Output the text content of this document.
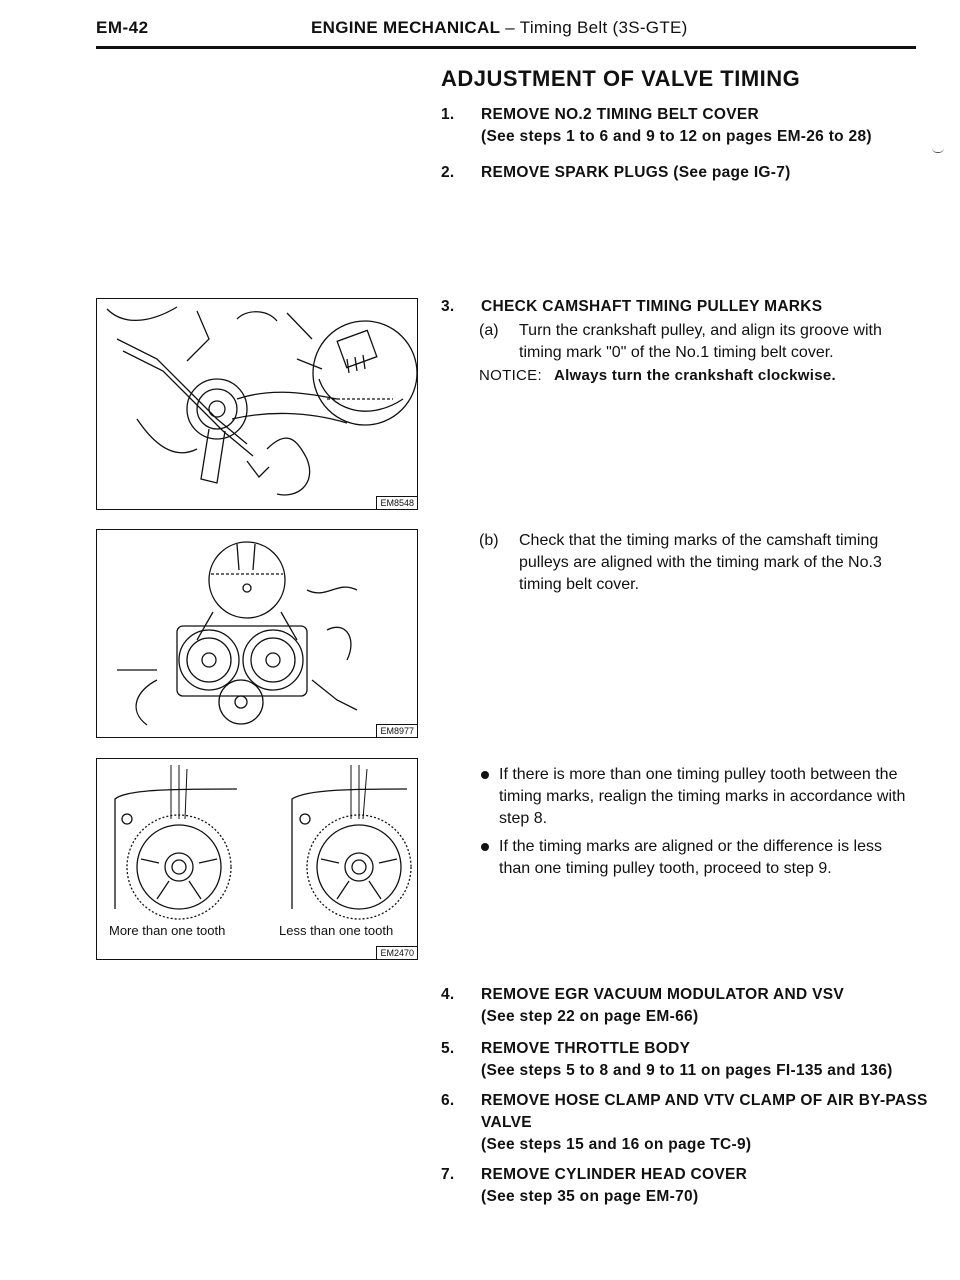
EM-42	ENGINE MECHANICAL – Timing Belt (3S-GTE)
ADJUSTMENT OF VALVE TIMING
1. REMOVE NO.2 TIMING BELT COVER
(See steps 1 to 6 and 9 to 12 on pages EM-26 to 28)
2. REMOVE SPARK PLUGS (See page IG-7)
3. CHECK CAMSHAFT TIMING PULLEY MARKS
(a) Turn the crankshaft pulley, and align its groove with timing mark "0" of the No.1 timing belt cover.
NOTICE: Always turn the crankshaft clockwise.
(b) Check that the timing marks of the camshaft timing pulleys are aligned with the timing mark of the No.3 timing belt cover.
If there is more than one timing pulley tooth between the timing marks, realign the timing marks in accordance with step 8.
If the timing marks are aligned or the difference is less than one timing pulley tooth, proceed to step 9.
4. REMOVE EGR VACUUM MODULATOR AND VSV
(See step 22 on page EM-66)
5. REMOVE THROTTLE BODY
(See steps 5 to 8 and 9 to 11 on pages FI-135 and 136)
6. REMOVE HOSE CLAMP AND VTV CLAMP OF AIR BY-PASS VALVE
(See steps 15 and 16 on page TC-9)
7. REMOVE CYLINDER HEAD COVER
(See step 35 on page EM-70)
EM8548
EM8977
More than one tooth	Less than one tooth
EM2470
